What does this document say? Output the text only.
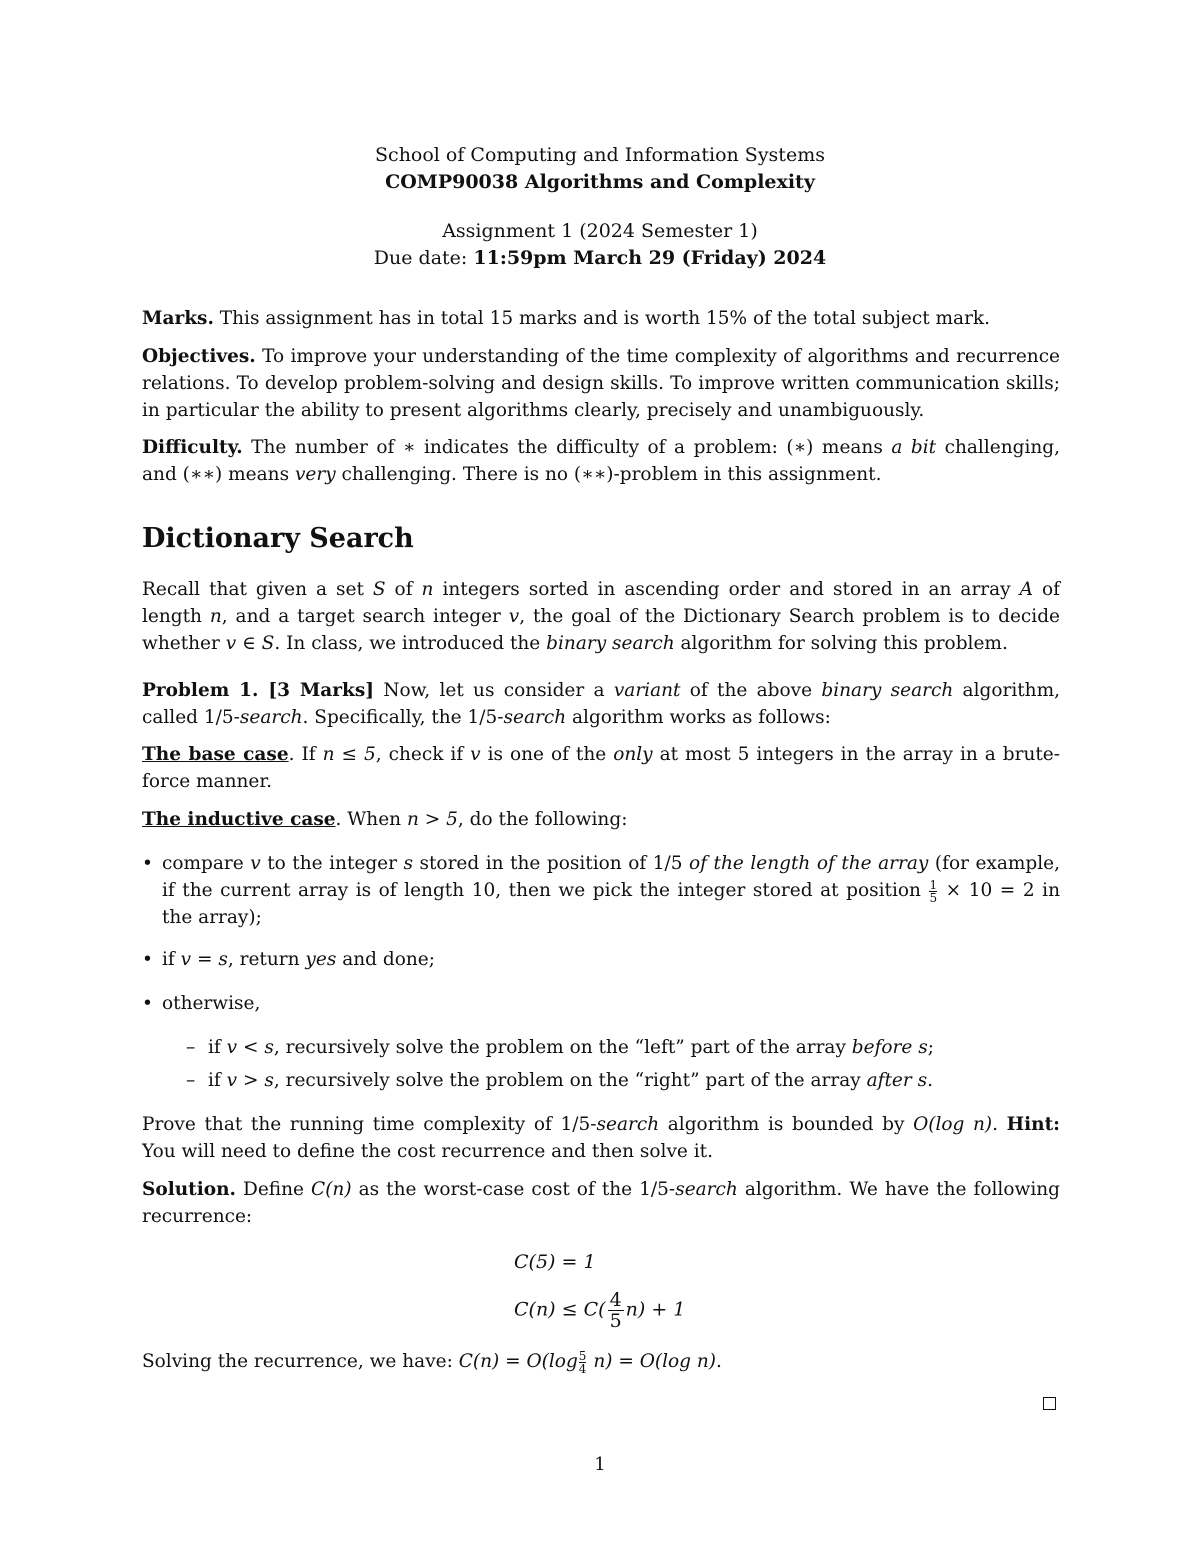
School of Computing and Information Systems
COMP90038 Algorithms and Complexity
Assignment 1 (2024 Semester 1)
Due date: 11:59pm March 29 (Friday) 2024

Marks. This assignment has in total 15 marks and is worth 15% of the total subject mark.

Objectives. To improve your understanding of the time complexity of algorithms and recurrence relations. To develop problem-solving and design skills. To improve written communication skills; in particular the ability to present algorithms clearly, precisely and unambiguously.

Difficulty. The number of ∗ indicates the difficulty of a problem: (∗) means a bit challenging, and (∗∗) means very challenging. There is no (∗∗)-problem in this assignment.

Dictionary Search

Recall that given a set S of n integers sorted in ascending order and stored in an array A of length n, and a target search integer v, the goal of the Dictionary Search problem is to decide whether v ∈ S. In class, we introduced the binary search algorithm for solving this problem.

Problem 1. [3 Marks] Now, let us consider a variant of the above binary search algorithm, called 1/5-search. Specifically, the 1/5-search algorithm works as follows:

The base case. If n ≤ 5, check if v is one of the only at most 5 integers in the array in a brute-force manner.

The inductive case. When n > 5, do the following:

• compare v to the integer s stored in the position of 1/5 of the length of the array (for example, if the current array is of length 10, then we pick the integer stored at position $\frac{1}{5} \times 10 = 2$ in the array);
• if v = s, return yes and done;
• otherwise,
– if v < s, recursively solve the problem on the “left” part of the array before s;
– if v > s, recursively solve the problem on the “right” part of the array after s.

Prove that the running time complexity of 1/5-search algorithm is bounded by O(log n). Hint: You will need to define the cost recurrence and then solve it.

Solution. Define C(n) as the worst-case cost of the 1/5-search algorithm. We have the following recurrence:

C(5) = 1
$C(n) \le C( \frac{4}{5} n) + 1$

Solving the recurrence, we have: $C(n) = O(\log \frac{5}{4} n) = O(\log$ n).

1
